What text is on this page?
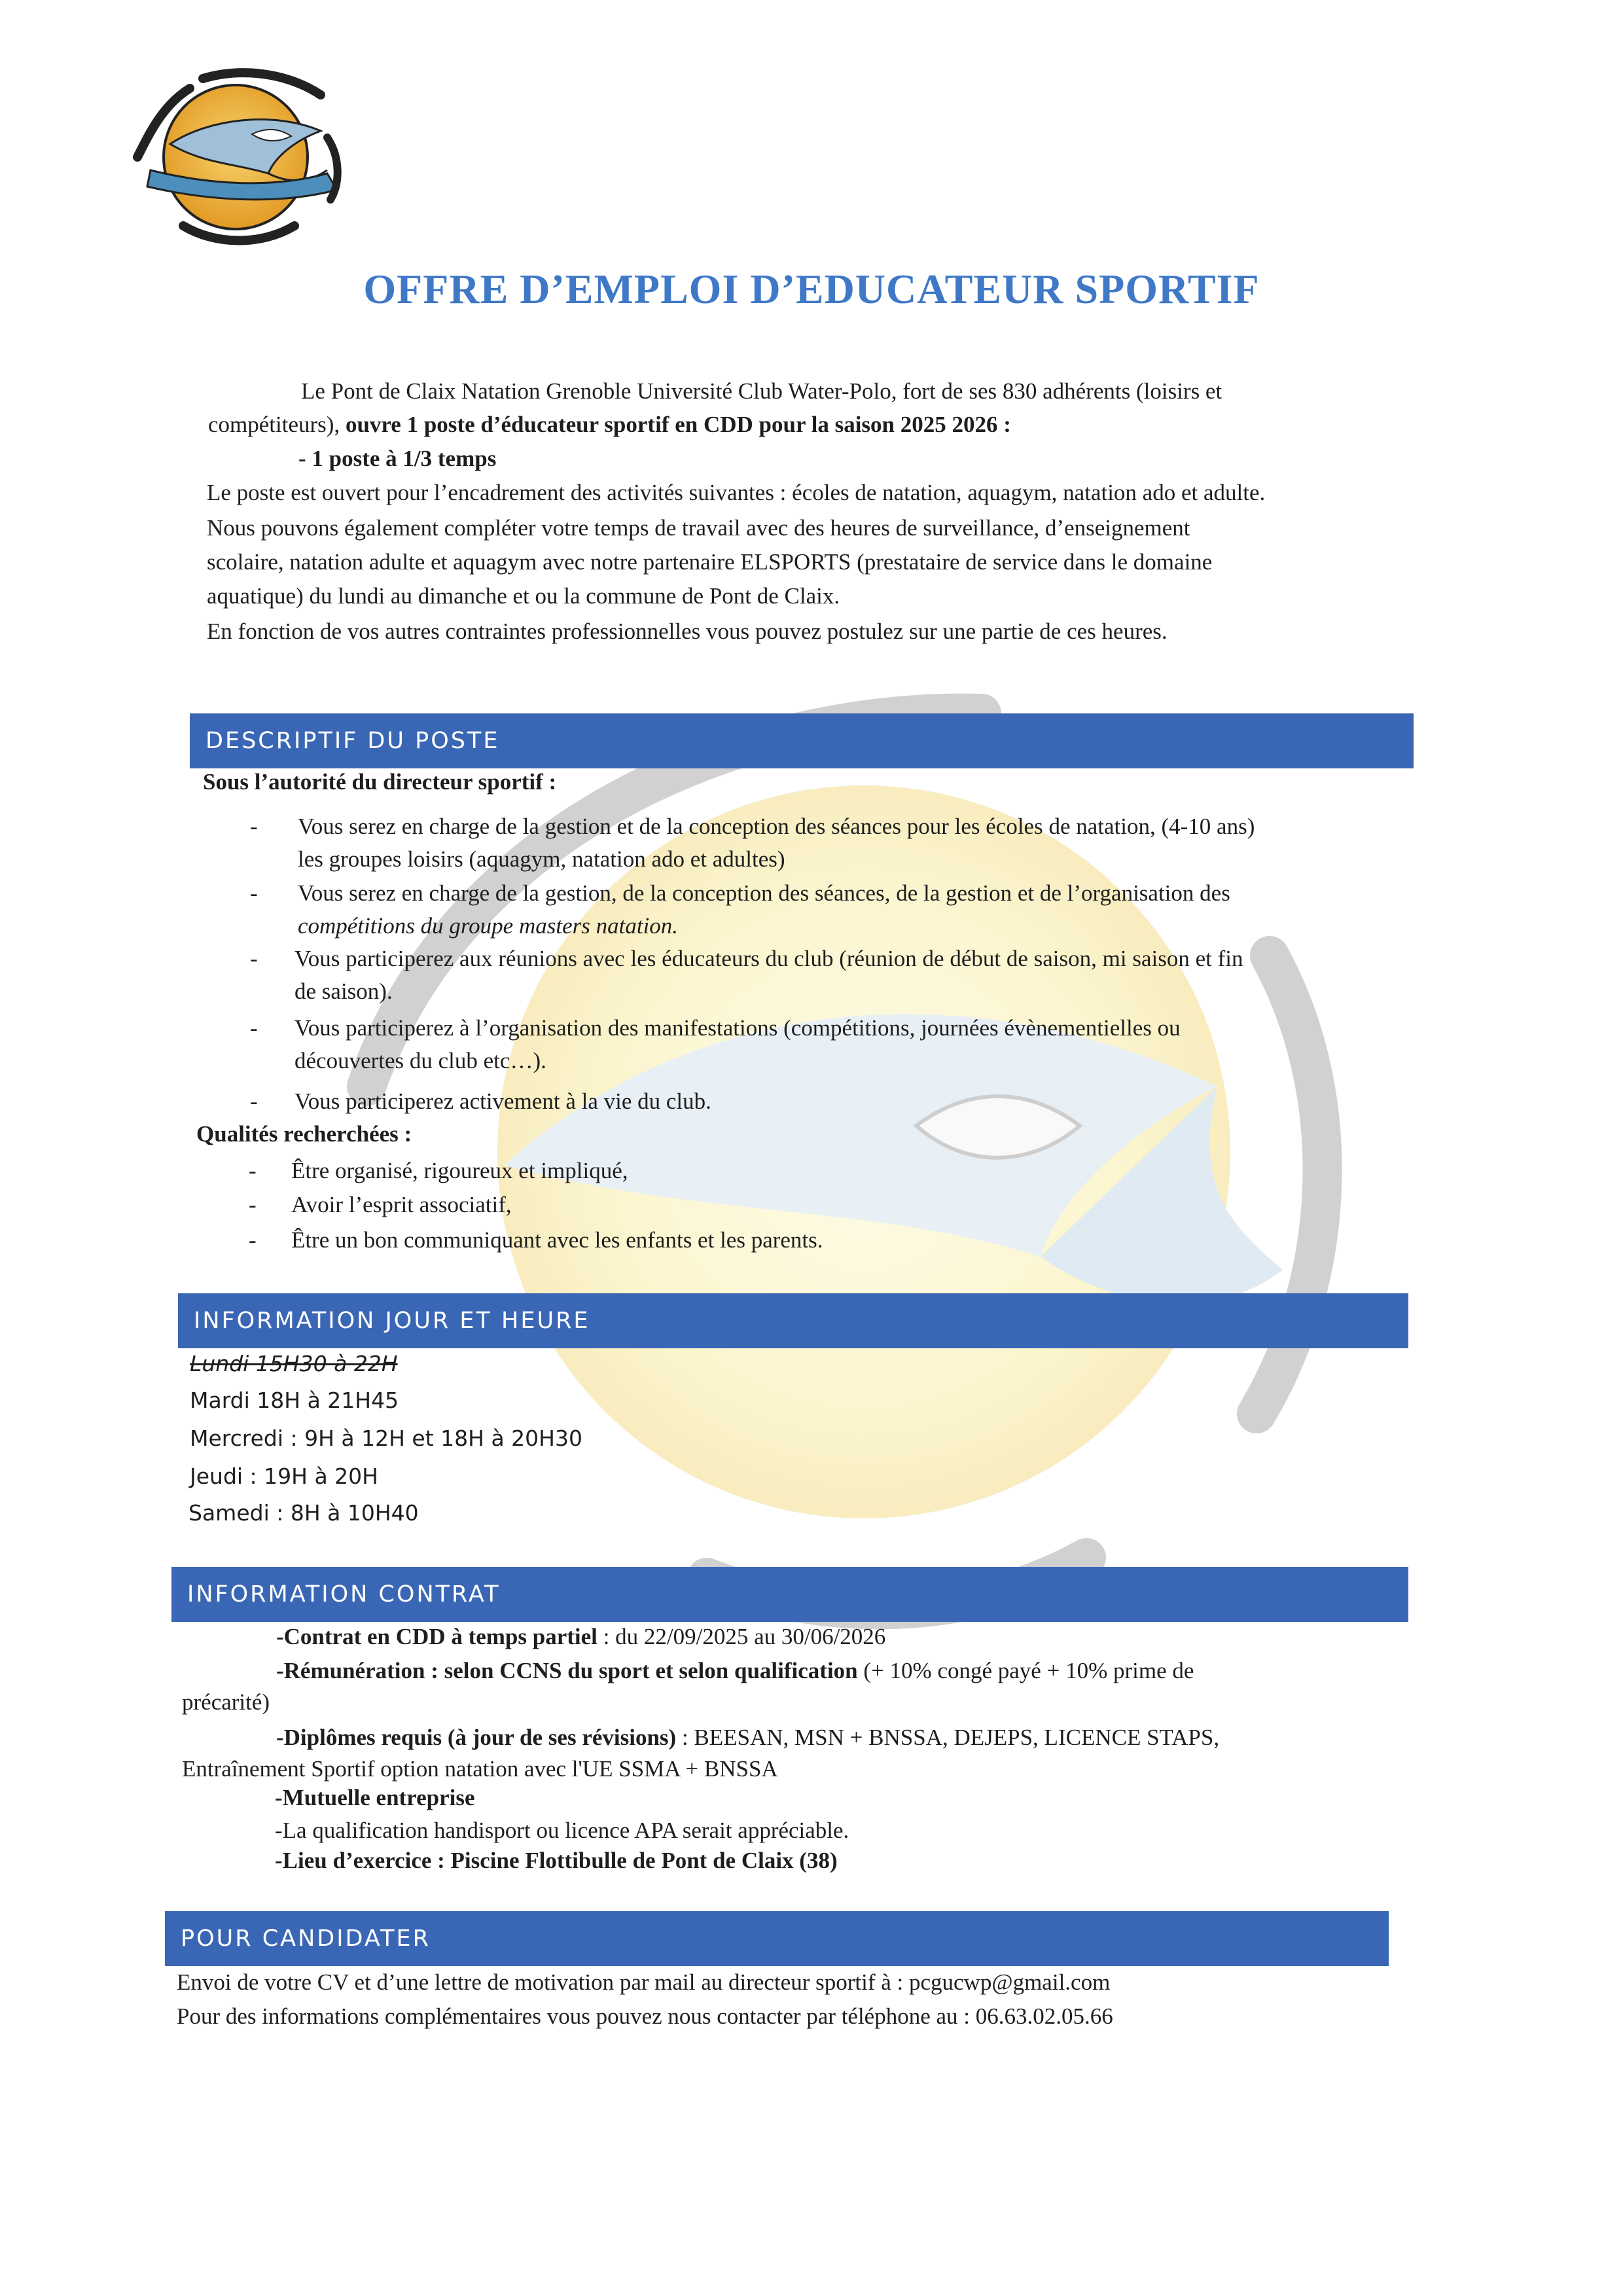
OFFRE D’EMPLOI D’EDUCATEUR SPORTIF
Le Pont de Claix Natation Grenoble Université Club Water-Polo, fort de ses 830 adhérents (loisirs et
compétiteurs), ouvre 1 poste d’éducateur sportif en CDD pour la saison 2025 2026 :
- 1 poste à 1/3 temps
Le poste est ouvert pour l’encadrement des activités suivantes : écoles de natation, aquagym, natation ado et adulte.
Nous pouvons également compléter votre temps de travail avec des heures de surveillance, d’enseignement
scolaire, natation adulte et aquagym avec notre partenaire ELSPORTS (prestataire de service dans le domaine
aquatique) du lundi au dimanche et ou la commune de Pont de Claix.
En fonction de vos autres contraintes professionnelles vous pouvez postulez sur une partie de ces heures.
DESCRIPTIF DU POSTE
Sous l’autorité du directeur sportif :
- Vous serez en charge de la gestion et de la conception des séances pour les écoles de natation, (4-10 ans)
les groupes loisirs (aquagym, natation ado et adultes)
- Vous serez en charge de la gestion, de la conception des séances, de la gestion et de l’organisation des
compétitions du groupe masters natation.
- Vous participerez aux réunions avec les éducateurs du club (réunion de début de saison, mi saison et fin
de saison).
- Vous participerez à l’organisation des manifestations (compétitions, journées évènementielles ou
découvertes du club etc…).
- Vous participerez activement à la vie du club.
Qualités recherchées :
- Être organisé, rigoureux et impliqué,
- Avoir l’esprit associatif,
- Être un bon communiquant avec les enfants et les parents.
INFORMATION JOUR ET HEURE
Lundi 15H30 à 22H
Mardi 18H à 21H45
Mercredi : 9H à 12H et 18H à 20H30
Jeudi : 19H à 20H
Samedi : 8H à 10H40
INFORMATION CONTRAT
-Contrat en CDD à temps partiel : du 22/09/2025 au 30/06/2026
-Rémunération : selon CCNS du sport et selon qualification (+ 10% congé payé + 10% prime de
précarité)
-Diplômes requis (à jour de ses révisions) : BEESAN, MSN + BNSSA, DEJEPS, LICENCE STAPS,
Entraînement Sportif option natation avec l'UE SSMA + BNSSA
-Mutuelle entreprise
-La qualification handisport ou licence APA serait appréciable.
-Lieu d’exercice : Piscine Flottibulle de Pont de Claix (38)
POUR CANDIDATER
Envoi de votre CV et d’une lettre de motivation par mail au directeur sportif à : pcgucwp@gmail.com
Pour des informations complémentaires vous pouvez nous contacter par téléphone au : 06.63.02.05.66
